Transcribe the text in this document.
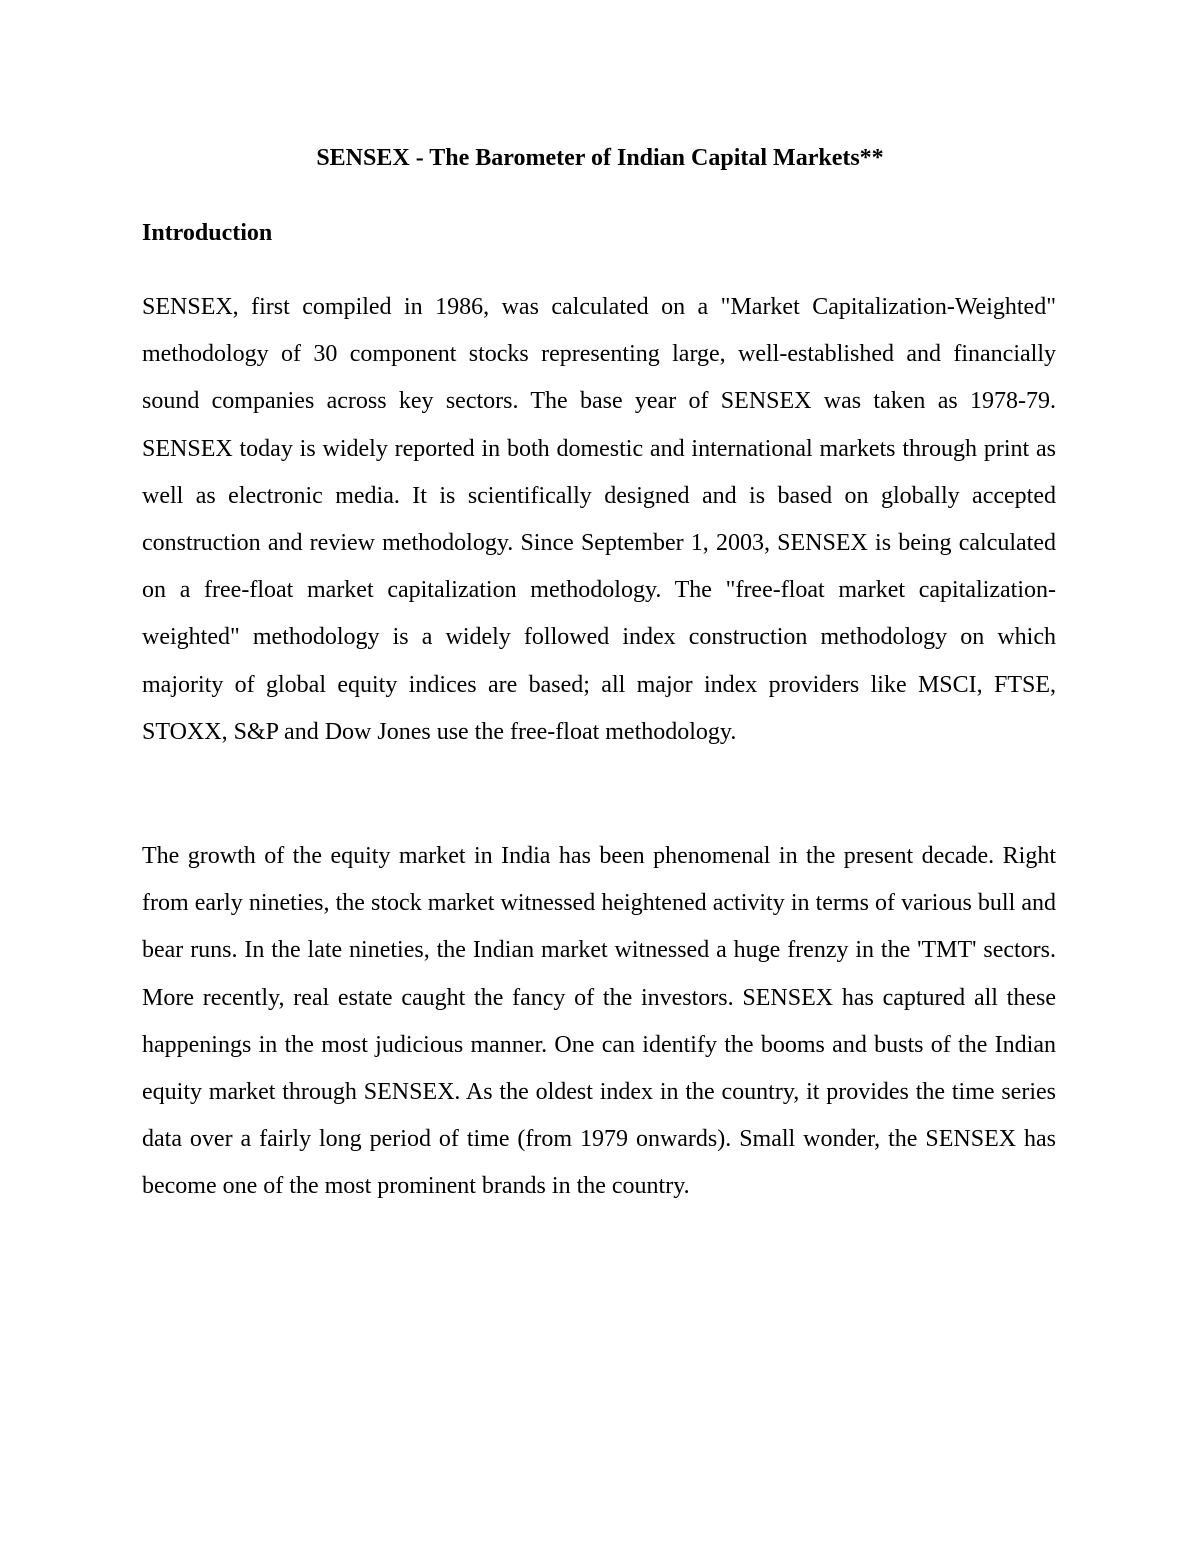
SENSEX - The Barometer of Indian Capital Markets**
Introduction

SENSEX, first compiled in 1986, was calculated on a "Market Capitalization-Weighted" methodology of 30 component stocks representing large, well-established and financially sound companies across key sectors. The base year of SENSEX was taken as 1978-79. SENSEX today is widely reported in both domestic and international markets through print as well as electronic media. It is scientifically designed and is based on globally accepted construction and review methodology. Since September 1, 2003, SENSEX is being calculated on a free-float market capitalization methodology. The "free-float market capitalization-weighted" methodology is a widely followed index construction methodology on which majority of global equity indices are based; all major index providers like MSCI, FTSE, STOXX, S&P and Dow Jones use the free-float methodology.

The growth of the equity market in India has been phenomenal in the present decade. Right from early nineties, the stock market witnessed heightened activity in terms of various bull and bear runs. In the late nineties, the Indian market witnessed a huge frenzy in the 'TMT' sectors. More recently, real estate caught the fancy of the investors. SENSEX has captured all these happenings in the most judicious manner. One can identify the booms and busts of the Indian equity market through SENSEX. As the oldest index in the country, it provides the time series data over a fairly long period of time (from 1979 onwards). Small wonder, the SENSEX has become one of the most prominent brands in the country.
